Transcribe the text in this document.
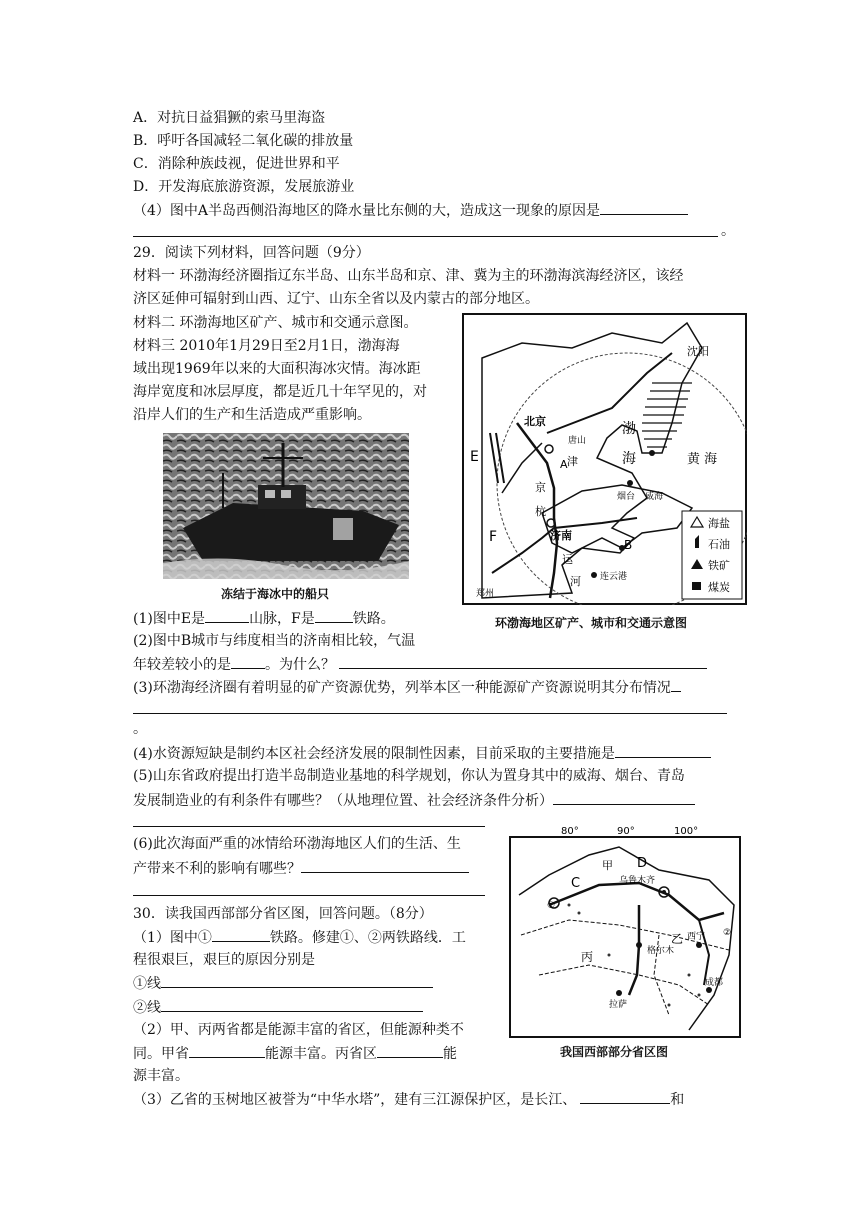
A．对抗日益猖獗的索马里海盗
B．呼吁各国减轻二氧化碳的排放量
C．消除种族歧视，促进世界和平
D．开发海底旅游资源，发展旅游业
（4）图中A半岛西侧沿海地区的降水量比东侧的大，造成这一现象的原因是
。
29．阅读下列材料，回答问题（9分）
材料一 环渤海经济圈指辽东半岛、山东半岛和京、津、冀为主的环渤海滨海经济区，该经
济区延伸可辐射到山西、辽宁、山东全省以及内蒙古的部分地区。
材料二 环渤海地区矿产、城市和交通示意图。
材料三 2010年1月29日至2月1日，渤海海
域出现1969年以来的大面积海冰灾情。海冰距
海岸宽度和冰层厚度，都是近几十年罕见的，对
沿岸人们的生产和生活造成严重影响。
冻结于海冰中的船只
沈阳
北京
唐山
津
渤
海	黄 海
烟台 威海
济南
连云港
郑州
京
杭
运
河
E
F
A
B
海盐
石油
铁矿
煤炭
环渤海地区矿产、城市和交通示意图
(1)图中E是	山脉，F是	铁路。
(2)图中B城市与纬度相当的济南相比较，气温
年较差较小的是 。为什么？
(3)环渤海经济圈有着明显的矿产资源优势，列举本区一种能源矿产资源说明其分布情况
。
(4)水资源短缺是制约本区社会经济发展的限制性因素，目前采取的主要措施是
(5)山东省政府提出打造半岛制造业基地的科学规划，你认为置身其中的威海、烟台、青岛
发展制造业的有利条件有哪些？（从地理位置、社会经济条件分析）
(6)此次海面严重的冰情给环渤海地区人们的生活、生
产带来不利的影响有哪些？
80°	90°	100°
甲
乌鲁木齐
D
C
乙
丙
拉萨
西宁
成都
格尔木
①
②
我国西部部分省区图
30．读我国西部部分省区图，回答问题。（8分）
（1）图中①	铁路。修建①、②两铁路线．工
程很艰巨，艰巨的原因分别是
①线
②线
（2）甲、丙两省都是能源丰富的省区，但能源种类不
同。甲省	能源丰富。丙省区	能
源丰富。
（3）乙省的玉树地区被誉为“中华水塔”，建有三江源保护区，是长江、	和
